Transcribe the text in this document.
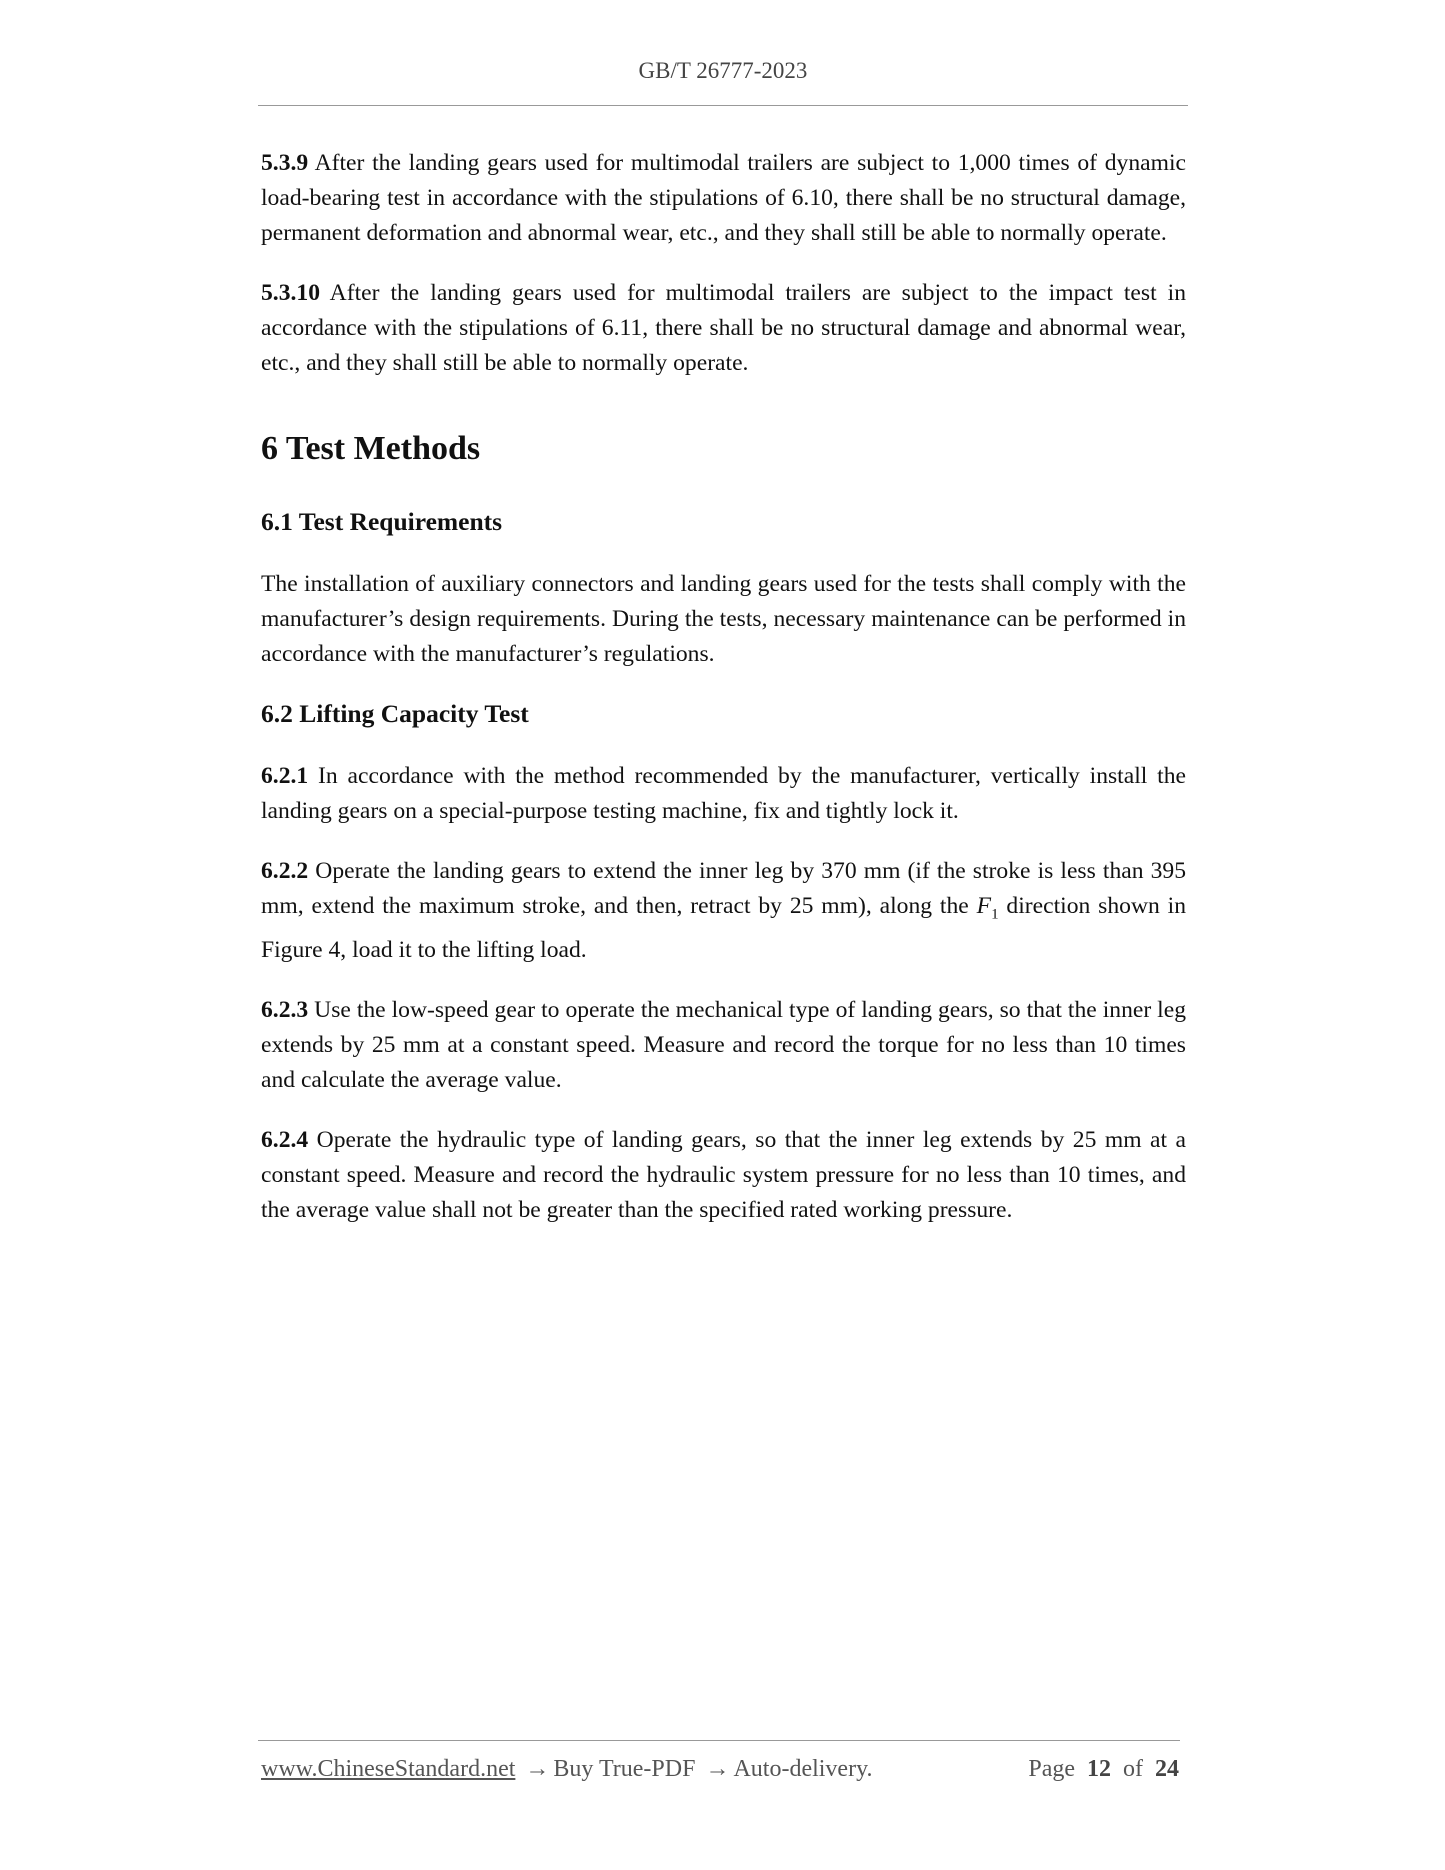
GB/T 26777-2023

5.3.9 After the landing gears used for multimodal trailers are subject to 1,000 times of dynamic load-bearing test in accordance with the stipulations of 6.10, there shall be no structural damage, permanent deformation and abnormal wear, etc., and they shall still be able to normally operate.

5.3.10 After the landing gears used for multimodal trailers are subject to the impact test in accordance with the stipulations of 6.11, there shall be no structural damage and abnormal wear, etc., and they shall still be able to normally operate.

6 Test Methods
6.1 Test Requirements

The installation of auxiliary connectors and landing gears used for the tests shall comply with the manufacturer’s design requirements. During the tests, necessary maintenance can be performed in accordance with the manufacturer’s regulations.

6.2 Lifting Capacity Test

6.2.1 In accordance with the method recommended by the manufacturer, vertically install the landing gears on a special-purpose testing machine, fix and tightly lock it.

6.2.2 Operate the landing gears to extend the inner leg by 370 mm (if the stroke is less than 395 mm, extend the maximum stroke, and then, retract by 25 mm), along the $F_1$ direction shown in Figure 4, load it to the lifting load.

6.2.3 Use the low-speed gear to operate the mechanical type of landing gears, so that the inner leg extends by 25 mm at a constant speed. Measure and record the torque for no less than 10 times and calculate the average value.

6.2.4 Operate the hydraulic type of landing gears, so that the inner leg extends by 25 mm at a constant speed. Measure and record the hydraulic system pressure for no less than 10 times, and the average value shall not be greater than the specified rated working pressure.

www.ChineseStandard.net → Buy True-PDF → Auto-delivery.	Page 12 of 24
